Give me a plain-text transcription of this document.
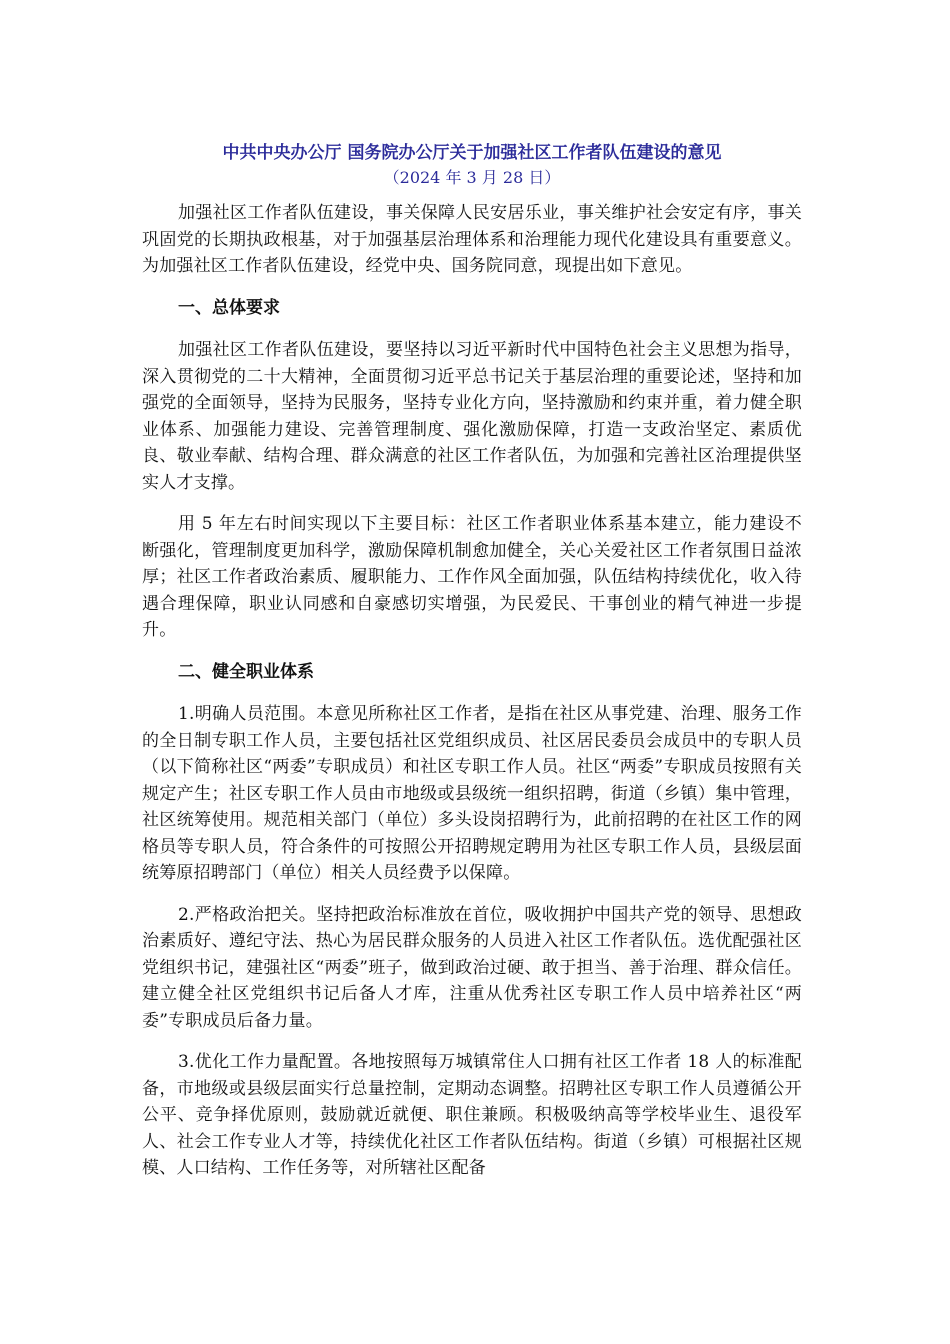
中共中央办公厅 国务院办公厅关于加强社区工作者队伍建设的意见
（2024 年 3 月 28 日）

加强社区工作者队伍建设，事关保障人民安居乐业，事关维护社会安定有序，事关巩固党的长期执政根基，对于加强基层治理体系和治理能力现代化建设具有重要意义。为加强社区工作者队伍建设，经党中央、国务院同意，现提出如下意见。

一、总体要求

加强社区工作者队伍建设，要坚持以习近平新时代中国特色社会主义思想为指导，深入贯彻党的二十大精神，全面贯彻习近平总书记关于基层治理的重要论述，坚持和加强党的全面领导，坚持为民服务，坚持专业化方向，坚持激励和约束并重，着力健全职业体系、加强能力建设、完善管理制度、强化激励保障，打造一支政治坚定、素质优良、敬业奉献、结构合理、群众满意的社区工作者队伍，为加强和完善社区治理提供坚实人才支撑。

用 5 年左右时间实现以下主要目标：社区工作者职业体系基本建立，能力建设不断强化，管理制度更加科学，激励保障机制愈加健全，关心关爱社区工作者氛围日益浓厚；社区工作者政治素质、履职能力、工作作风全面加强，队伍结构持续优化，收入待遇合理保障，职业认同感和自豪感切实增强，为民爱民、干事创业的精气神进一步提升。

二、健全职业体系

1.明确人员范围。本意见所称社区工作者，是指在社区从事党建、治理、服务工作的全日制专职工作人员，主要包括社区党组织成员、社区居民委员会成员中的专职人员（以下简称社区“两委”专职成员）和社区专职工作人员。社区“两委”专职成员按照有关规定产生；社区专职工作人员由市地级或县级统一组织招聘，街道（乡镇）集中管理，社区统筹使用。规范相关部门（单位）多头设岗招聘行为，此前招聘的在社区工作的网格员等专职人员，符合条件的可按照公开招聘规定聘用为社区专职工作人员，县级层面统筹原招聘部门（单位）相关人员经费予以保障。

2.严格政治把关。坚持把政治标准放在首位，吸收拥护中国共产党的领导、思想政治素质好、遵纪守法、热心为居民群众服务的人员进入社区工作者队伍。选优配强社区党组织书记，建强社区“两委”班子，做到政治过硬、敢于担当、善于治理、群众信任。建立健全社区党组织书记后备人才库，注重从优秀社区专职工作人员中培养社区“两委”专职成员后备力量。

3.优化工作力量配置。各地按照每万城镇常住人口拥有社区工作者 18 人的标准配备，市地级或县级层面实行总量控制，定期动态调整。招聘社区专职工作人员遵循公开公平、竞争择优原则，鼓励就近就便、职住兼顾。积极吸纳高等学校毕业生、退役军人、社会工作专业人才等，持续优化社区工作者队伍结构。街道（乡镇）可根据社区规模、人口结构、工作任务等，对所辖社区配备
